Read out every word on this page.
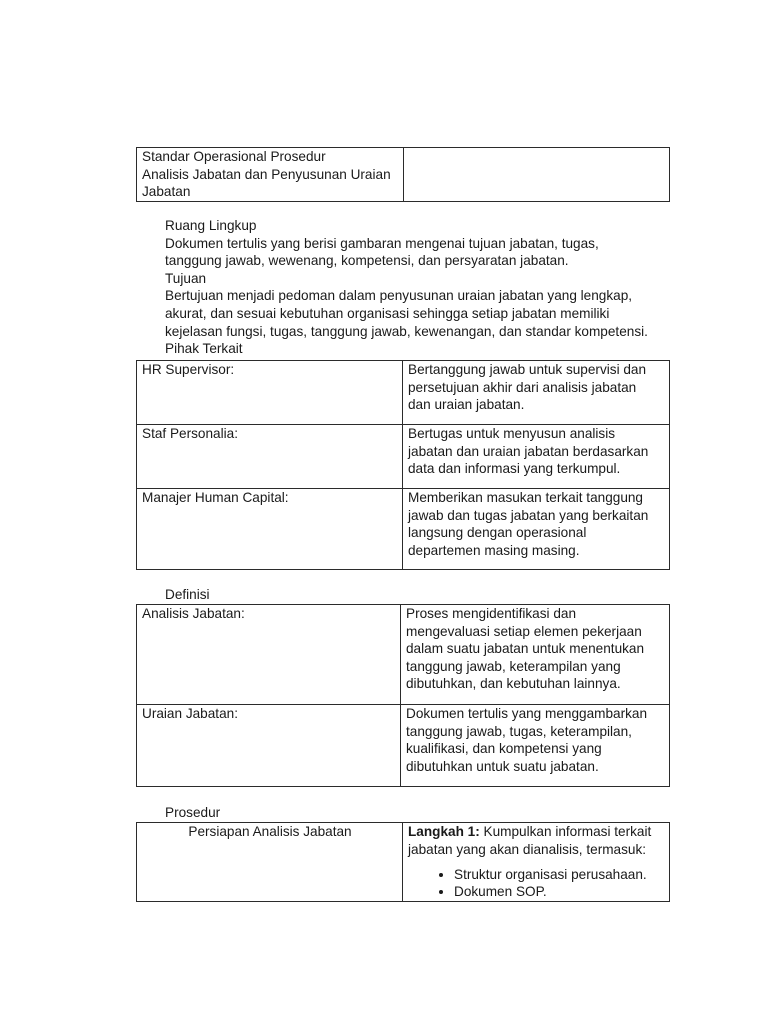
Standar Operasional Prosedur
Analisis Jabatan dan Penyusunan Uraian
Jabatan

Ruang Lingkup
Dokumen tertulis yang berisi gambaran mengenai tujuan jabatan, tugas,
tanggung jawab, wewenang, kompetensi, dan persyaratan jabatan.
Tujuan
Bertujuan menjadi pedoman dalam penyusunan uraian jabatan yang lengkap,
akurat, dan sesuai kebutuhan organisasi sehingga setiap jabatan memiliki
kejelasan fungsi, tugas, tanggung jawab, kewenangan, dan standar kompetensi.
Pihak Terkait
HR Supervisor:	Bertanggung jawab untuk supervisi dan
persetujuan akhir dari analisis jabatan
dan uraian jabatan.

Staf Personalia:	Bertugas untuk menyusun analisis
jabatan dan uraian jabatan berdasarkan
data dan informasi yang terkumpul.

Manajer Human Capital:	Memberikan masukan terkait tanggung
jawab dan tugas jabatan yang berkaitan
langsung dengan operasional
departemen masing masing.
Definisi
Analisis Jabatan:	Proses mengidentifikasi dan
mengevaluasi setiap elemen pekerjaan
dalam suatu jabatan untuk menentukan
tanggung jawab, keterampilan yang
dibutuhkan, dan kebutuhan lainnya.

Uraian Jabatan:	Dokumen tertulis yang menggambarkan
tanggung jawab, tugas, keterampilan,
kualifikasi, dan kompetensi yang
dibutuhkan untuk suatu jabatan.
Prosedur
Persiapan Analisis Jabatan	Langkah 1: Kumpulkan informasi terkait
jabatan yang akan dianalisis, termasuk:
• Struktur organisasi perusahaan.
• Dokumen SOP.
